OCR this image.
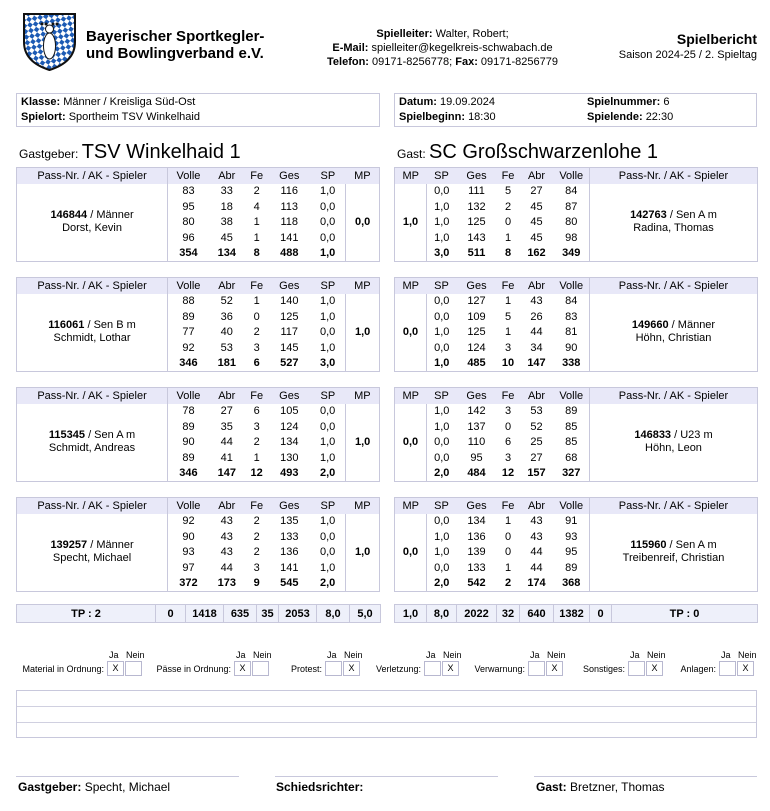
Bayerischer Sportkegler-
und Bowlingverband e.V.
Spielleiter: Walter, Robert;
E-Mail: spielleiter@kegelkreis-schwabach.de
Telefon: 09171-8256778; Fax: 09171-8256779
Spielbericht
Saison 2024-25 / 2. Spieltag
Klasse: Männer / Kreisliga Süd-Ost
Spielort: Sportheim TSV Winkelhaid
Datum: 19.09.2024
Spielbeginn: 18:30
Spielnummer: 6
Spielende: 22:30
Gastgeber: TSV Winkelhaid 1	Gast: SC Großschwarzenlohe 1
Pass-Nr. / AK - Spieler	Volle	Abr	Fe	Ges	SP	MP

146844 / Männer
Dorst, Kevin	83	33	2	116	1,0	0,0
	95	18	4	113	0,0	
	80	38	1	118	0,0	
	96	45	1	141	0,0	
	354	134	8	488	1,0	
MP	SP	Ges	Fe	Abr	Volle	Pass-Nr. / AK - Spieler
1,0	0,0	111	5	27	84	142763 / Sen A m
Radina, Thomas

	1,0	132	2	45	87	
	1,0	125	0	45	80	
	1,0	143	1	45	98	
	3,0	511	8	162	349	
Pass-Nr. / AK - Spieler	Volle	Abr	Fe	Ges	SP	MP

116061 / Sen B m
Schmidt, Lothar	88	52	1	140	1,0	1,0
	89	36	0	125	1,0	
	77	40	2	117	0,0	
	92	53	3	145	1,0	
	346	181	6	527	3,0	
MP	SP	Ges	Fe	Abr	Volle	Pass-Nr. / AK - Spieler
0,0	0,0	127	1	43	84	149660 / Männer
Höhn, Christian

	0,0	109	5	26	83	
	1,0	125	1	44	81	
	0,0	124	3	34	90	
	1,0	485	10	147	338	
Pass-Nr. / AK - Spieler	Volle	Abr	Fe	Ges	SP	MP

115345 / Sen A m
Schmidt, Andreas	78	27	6	105	0,0	1,0
	89	35	3	124	0,0	
	90	44	2	134	1,0	
	89	41	1	130	1,0	
	346	147	12	493	2,0	
MP	SP	Ges	Fe	Abr	Volle	Pass-Nr. / AK - Spieler
0,0	1,0	142	3	53	89	146833 / U23 m
Höhn, Leon

	1,0	137	0	52	85	
	0,0	110	6	25	85	
	0,0	95	3	27	68	
	2,0	484	12	157	327	
Pass-Nr. / AK - Spieler	Volle	Abr	Fe	Ges	SP	MP

139257 / Männer
Specht, Michael	92	43	2	135	1,0	1,0
	90	43	2	133	0,0	
	93	43	2	136	0,0	
	97	44	3	141	1,0	
	372	173	9	545	2,0	
MP	SP	Ges	Fe	Abr	Volle	Pass-Nr. / AK - Spieler
0,0	0,0	134	1	43	91	115960 / Sen A m
Treibenreif, Christian

	1,0	136	0	43	93	
	1,0	139	0	44	95	
	0,0	133	1	44	89	
	2,0	542	2	174	368	
TP : 2	0	1418	635	35	2053	8,0	5,0	1,0	8,0	2022	32	640	1382	0	TP : 0
Material in Ordnung:
Ja Nein
X	Pässe in Ordnung:
Ja Nein
X	Protest:
Ja Nein
X	Verletzung:
Ja Nein
X	Verwarnung:
Ja Nein
X	Sonstiges:
Ja Nein
X	Anlagen:
Ja Nein
X
Gastgeber: Specht, Michael	Schiedsrichter:	Gast: Bretzner, Thomas
